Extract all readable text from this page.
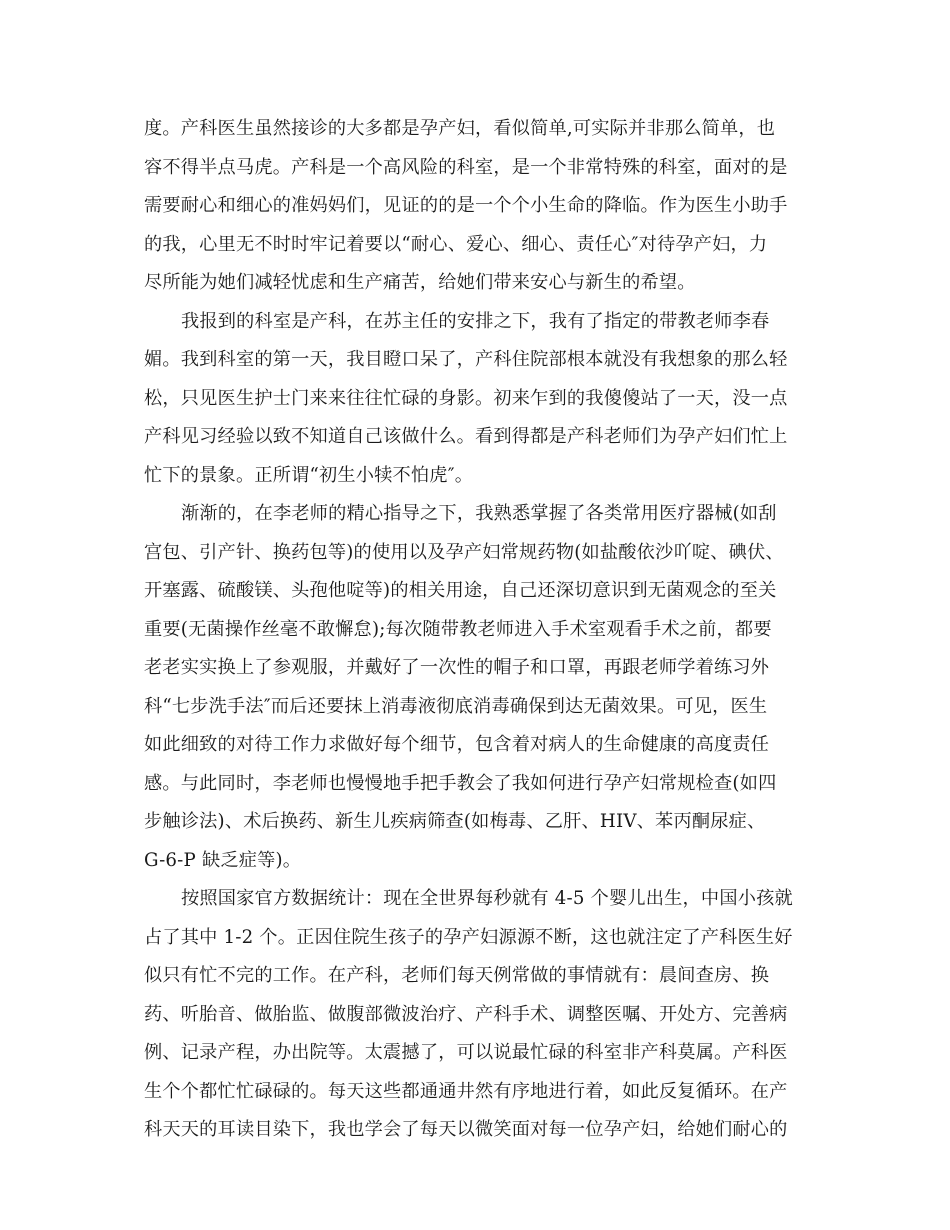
度。产科医生虽然接诊的大多都是孕产妇，看似简单,可实际并非那么简单，也
容不得半点马虎。产科是一个高风险的科室，是一个非常特殊的科室，面对的是
需要耐心和细心的准妈妈们，见证的的是一个个小生命的降临。作为医生小助手
的我，心里无不时时牢记着要以“耐心、爱心、细心、责任心″对待孕产妇，力
尽所能为她们减轻忧虑和生产痛苦，给她们带来安心与新生的希望。

我报到的科室是产科，在苏主任的安排之下，我有了指定的带教老师李春
媚。我到科室的第一天，我目瞪口呆了，产科住院部根本就没有我想象的那么轻
松，只见医生护士门来来往往忙碌的身影。初来乍到的我傻傻站了一天，没一点
产科见习经验以致不知道自己该做什么。看到得都是产科老师们为孕产妇们忙上
忙下的景象。正所谓“初生小犊不怕虎″。

渐渐的，在李老师的精心指导之下，我熟悉掌握了各类常用医疗器械(如刮
宫包、引产针、换药包等)的使用以及孕产妇常规药物(如盐酸依沙吖啶、碘伏、
开塞露、硫酸镁、头孢他啶等)的相关用途，自己还深切意识到无菌观念的至关
重要(无菌操作丝毫不敢懈怠);每次随带教老师进入手术室观看手术之前，都要
老老实实换上了参观服，并戴好了一次性的帽子和口罩，再跟老师学着练习外
科“七步洗手法″而后还要抹上消毒液彻底消毒确保到达无菌效果。可见，医生
如此细致的对待工作力求做好每个细节，包含着对病人的生命健康的高度责任
感。与此同时，李老师也慢慢地手把手教会了我如何进行孕产妇常规检查(如四
步触诊法)、术后换药、新生儿疾病筛查(如梅毒、乙肝、HIV、苯丙酮尿症、
G-6-P 缺乏症等)。

按照国家官方数据统计：现在全世界每秒就有 4-5 个婴儿出生，中国小孩就
占了其中 1-2 个。正因住院生孩子的孕产妇源源不断，这也就注定了产科医生好
似只有忙不完的工作。在产科，老师们每天例常做的事情就有：晨间查房、换
药、听胎音、做胎监、做腹部微波治疗、产科手术、调整医嘱、开处方、完善病
例、记录产程，办出院等。太震撼了，可以说最忙碌的科室非产科莫属。产科医
生个个都忙忙碌碌的。每天这些都通通井然有序地进行着，如此反复循环。在产
科天天的耳读目染下，我也学会了每天以微笑面对每一位孕产妇，给她们耐心的
